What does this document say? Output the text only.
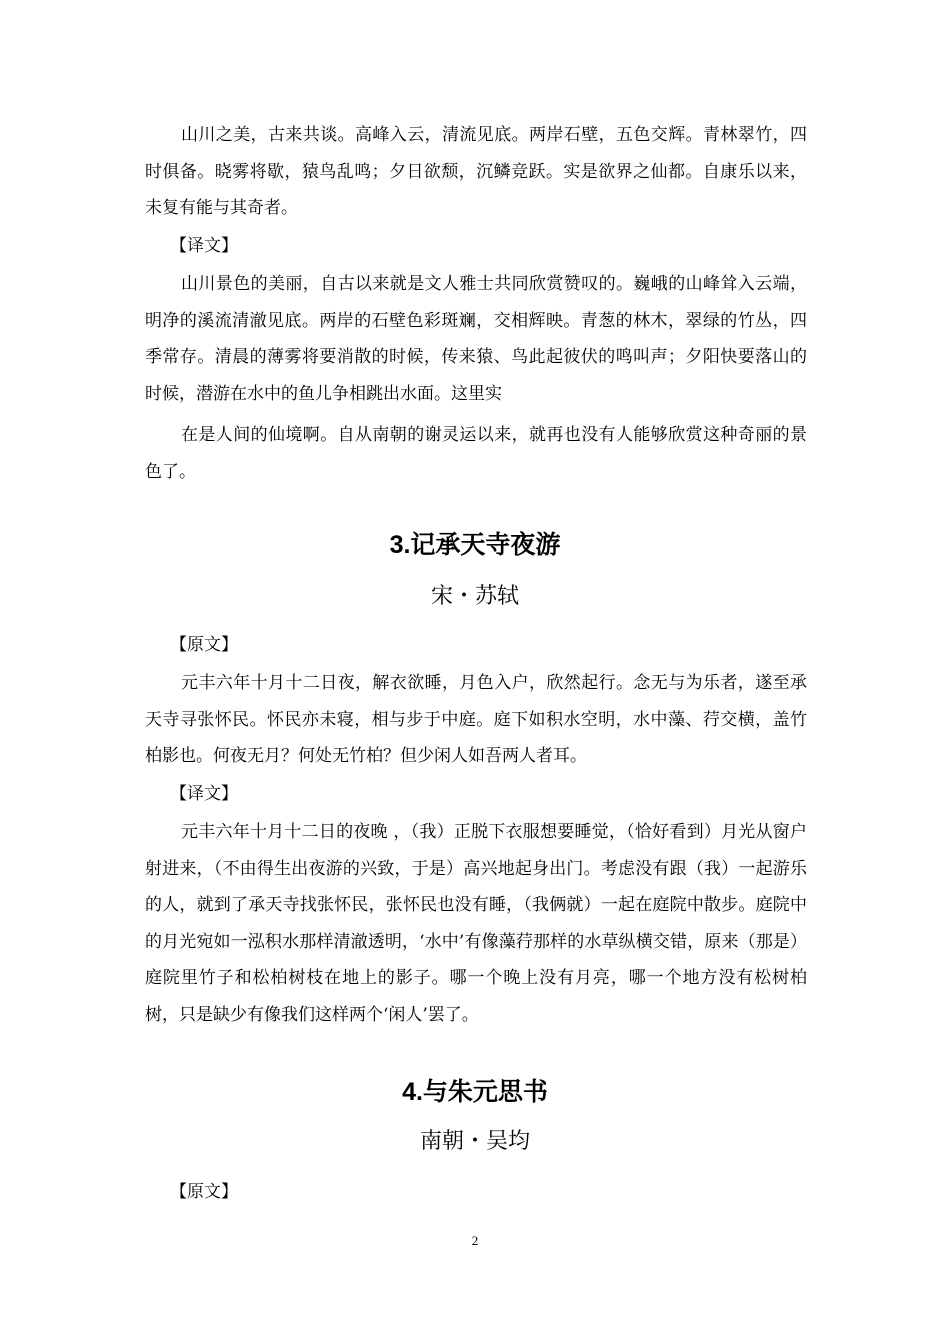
山川之美，古来共谈。高峰入云，清流见底。两岸石壁，五色交辉。青林翠竹，四时俱备。晓雾将歇，猿鸟乱鸣；夕日欲颓，沉鳞竞跃。实是欲界之仙都。自康乐以来，未复有能与其奇者。

【译文】

山川景色的美丽，自古以来就是文人雅士共同欣赏赞叹的。巍峨的山峰耸入云端，明净的溪流清澈见底。两岸的石壁色彩斑斓，交相辉映。青葱的林木，翠绿的竹丛，四季常存。清晨的薄雾将要消散的时候，传来猿、鸟此起彼伏的鸣叫声；夕阳快要落山的时候，潜游在水中的鱼儿争相跳出水面。这里实

在是人间的仙境啊。自从南朝的谢灵运以来，就再也没有人能够欣赏这种奇丽的景色了。

3.记承天寺夜游

宋・苏轼

【原文】

元丰六年十月十二日夜，解衣欲睡，月色入户，欣然起行。念无与为乐者，遂至承天寺寻张怀民。怀民亦未寝，相与步于中庭。庭下如积水空明，水中藻、荇交横，盖竹柏影也。何夜无月？何处无竹柏？但少闲人如吾两人者耳。

【译文】

元丰六年十月十二日的夜晚 ，（我）正脱下衣服想要睡觉，（恰好看到）月光从窗户射进来，（不由得生出夜游的兴致，于是）高兴地起身出门。考虑没有跟（我）一起游乐的人，就到了承天寺找张怀民，张怀民也没有睡，（我俩就）一起在庭院中散步。庭院中的月光宛如一泓积水那样清澈透明，‘水中’有像藻荇那样的水草纵横交错，原来（那是）庭院里竹子和松柏树枝在地上的影子。哪一个晚上没有月亮，哪一个地方没有松树柏树，只是缺少有像我们这样两个‘闲人’罢了。

4.与朱元思书

南朝・吴均

【原文】

2
